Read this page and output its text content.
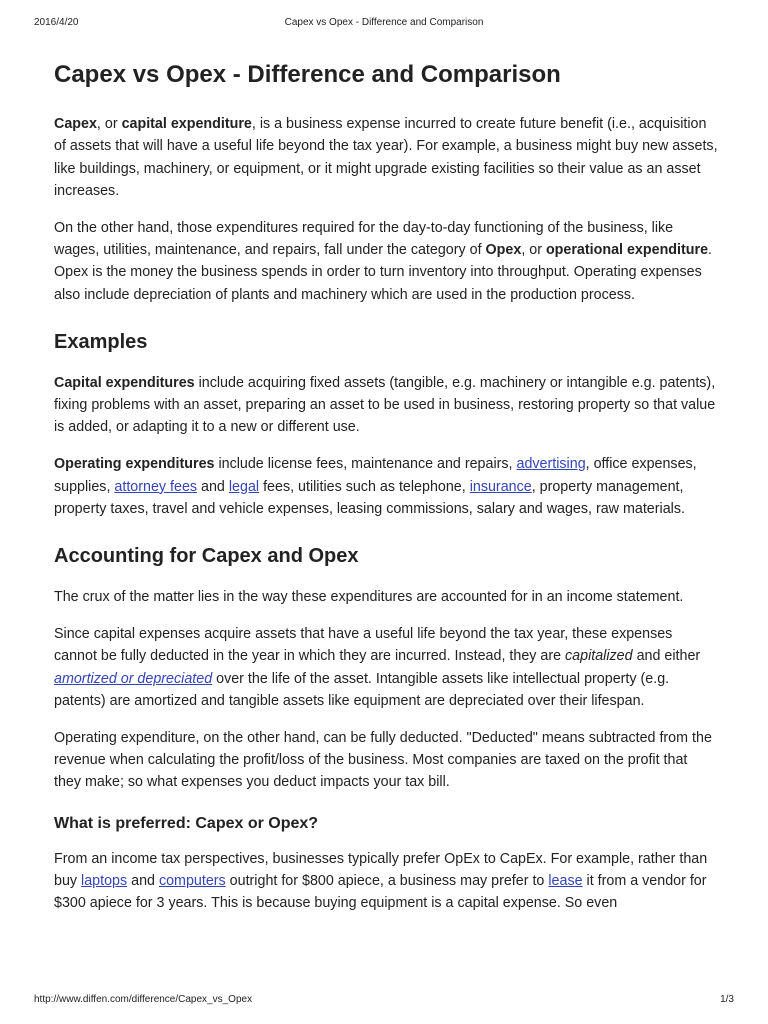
2016/4/20	Capex vs Opex - Difference and Comparison
Capex vs Opex - Difference and Comparison

Capex, or capital expenditure, is a business expense incurred to create future benefit (i.e., acquisition of assets that will have a useful life beyond the tax year). For example, a business might buy new assets, like buildings, machinery, or equipment, or it might upgrade existing facilities so their value as an asset increases.

On the other hand, those expenditures required for the day-to-day functioning of the business, like wages, utilities, maintenance, and repairs, fall under the category of Opex, or operational expenditure. Opex is the money the business spends in order to turn inventory into throughput. Operating expenses also include depreciation of plants and machinery which are used in the production process.

Examples

Capital expenditures include acquiring fixed assets (tangible, e.g. machinery or intangible e.g. patents), fixing problems with an asset, preparing an asset to be used in business, restoring property so that value is added, or adapting it to a new or different use.

Operating expenditures include license fees, maintenance and repairs, advertising, office expenses, supplies, attorney fees and legal fees, utilities such as telephone, insurance, property management, property taxes, travel and vehicle expenses, leasing commissions, salary and wages, raw materials.

Accounting for Capex and Opex

The crux of the matter lies in the way these expenditures are accounted for in an income statement.

Since capital expenses acquire assets that have a useful life beyond the tax year, these expenses cannot be fully deducted in the year in which they are incurred. Instead, they are capitalized and either amortized or depreciated over the life of the asset. Intangible assets like intellectual property (e.g. patents) are amortized and tangible assets like equipment are depreciated over their lifespan.

Operating expenditure, on the other hand, can be fully deducted. "Deducted" means subtracted from the revenue when calculating the profit/loss of the business. Most companies are taxed on the profit that they make; so what expenses you deduct impacts your tax bill.

What is preferred: Capex or Opex?

From an income tax perspectives, businesses typically prefer OpEx to CapEx. For example, rather than buy laptops and computers outright for $800 apiece, a business may prefer to lease it from a vendor for $300 apiece for 3 years. This is because buying equipment is a capital expense. So even

http://www.diffen.com/difference/Capex_vs_Opex	1/3
